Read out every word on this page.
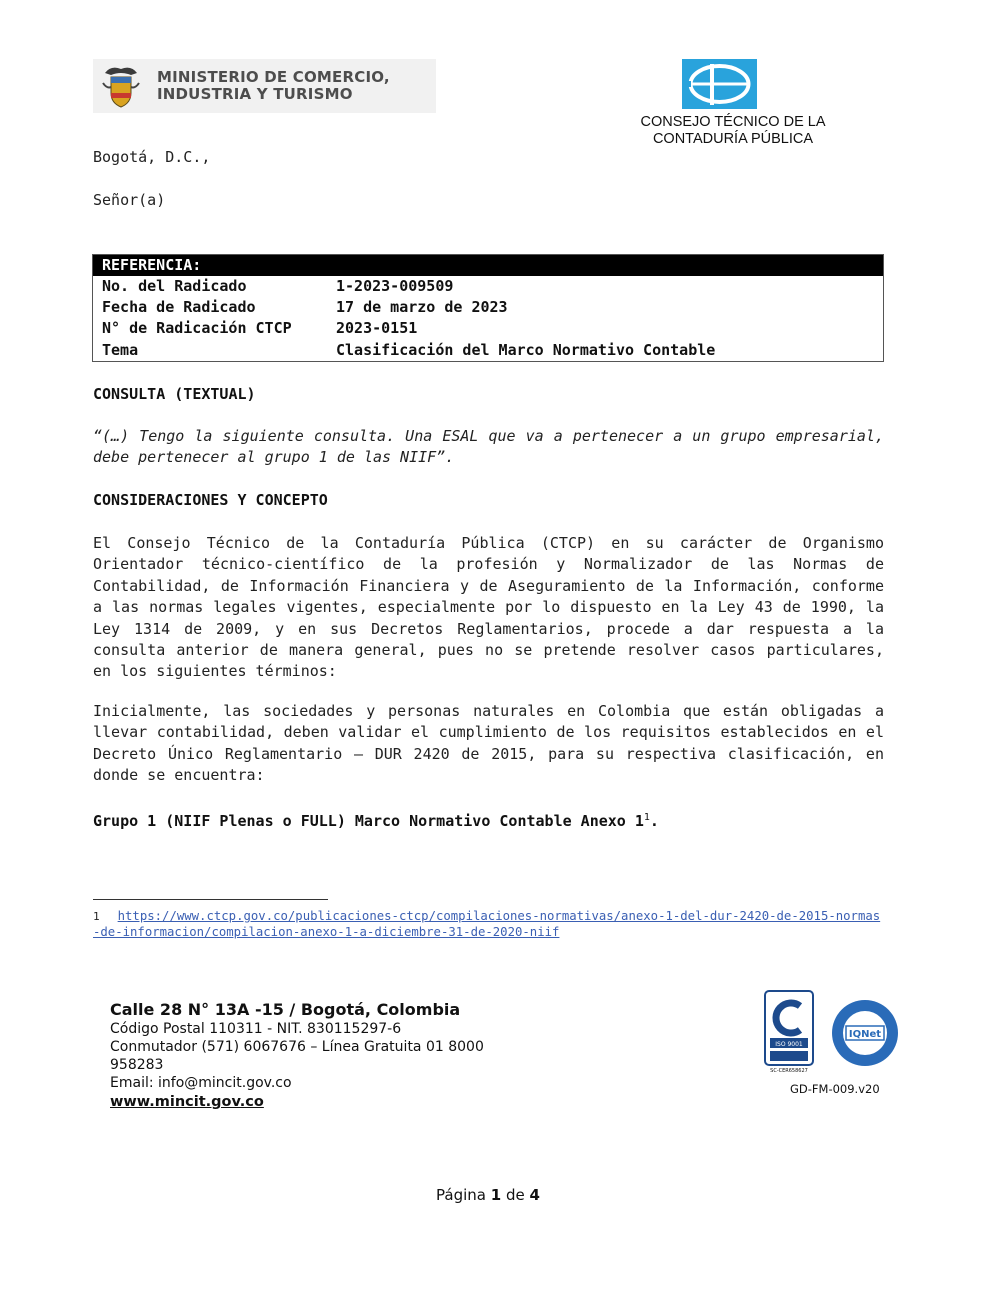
MINISTERIO DE COMERCIO,
INDUSTRIA Y TURISMO
CONSEJO TÉCNICO DE LA
CONTADURÍA PÚBLICA
Bogotá, D.C.,
Señor(a)
REFERENCIA:
No. del Radicado	1-2023-009509
Fecha de Radicado	17 de marzo de 2023
N° de Radicación CTCP	2023-0151
Tema	Clasificación del Marco Normativo Contable
CONSULTA (TEXTUAL)
“(…) Tengo la siguiente consulta. Una ESAL que va a pertenecer a un grupo empresarial, debe pertenecer al grupo 1 de las NIIF”.
CONSIDERACIONES Y CONCEPTO
El Consejo Técnico de la Contaduría Pública (CTCP) en su carácter de Organismo Orientador técnico-científico de la profesión y Normalizador de las Normas de Contabilidad, de Información Financiera y de Aseguramiento de la Información, conforme a las normas legales vigentes, especialmente por lo dispuesto en la Ley 43 de 1990, la Ley 1314 de 2009, y en sus Decretos Reglamentarios, procede a dar respuesta a la consulta anterior de manera general, pues no se pretende resolver casos particulares, en los siguientes términos:
Inicialmente, las sociedades y personas naturales en Colombia que están obligadas a llevar contabilidad, deben validar el cumplimiento de los requisitos establecidos en el Decreto Único Reglamentario – DUR 2420 de 2015, para su respectiva clasificación, en donde se encuentra:
Grupo 1 (NIIF Plenas o FULL) Marco Normativo Contable Anexo $1^1$.
1 https://www.ctcp.gov.co/publicaciones-ctcp/compilaciones-normativas/anexo-1-del-dur-2420-de-2015-normas-de-informacion/compilacion-anexo-1-a-diciembre-31-de-2020-niif
Calle 28 N° 13A -15 / Bogotá, Colombia
Código Postal 110311 - NIT. 830115297-6
Conmutador (571) 6067676 – Línea Gratuita 01 8000
958283
Email: info@mincit.gov.co
www.mincit.gov.co
ISO 9001
SC-CER658627
IQNet
GD-FM-009.v20
Página 1 de 4
